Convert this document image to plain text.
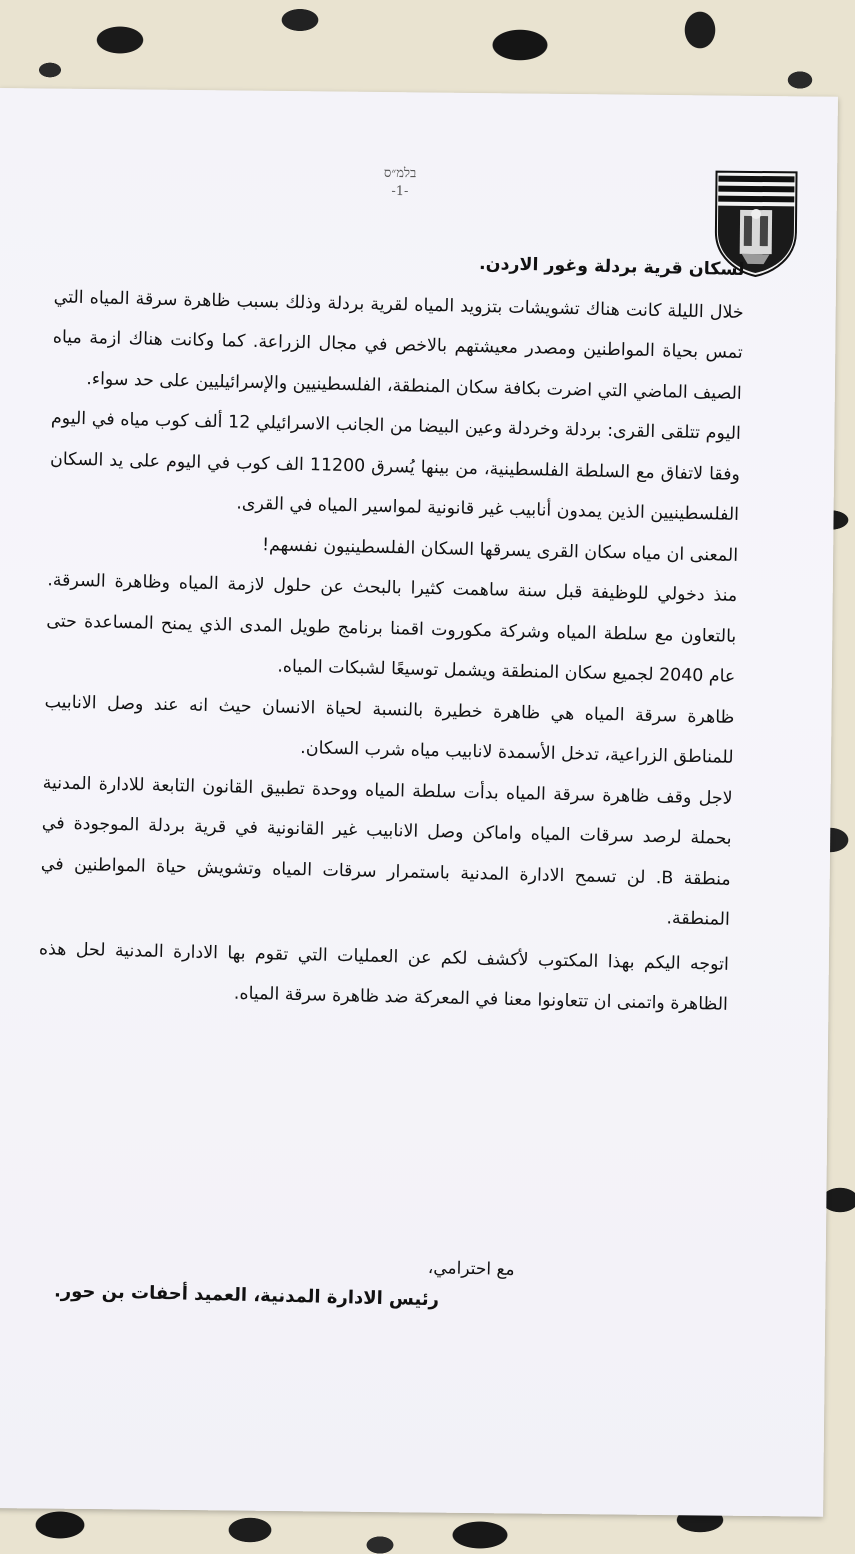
בלמ״ס
-1-

لسكان قرية بردلة وغور الاردن.

خلال الليلة كانت هناك تشويشات بتزويد المياه لقرية بردلة وذلك بسبب ظاهرة سرقة المياه التي تمس بحياة المواطنين ومصدر معيشتهم بالاخص في مجال الزراعة. كما وكانت هناك ازمة مياه الصيف الماضي التي اضرت بكافة سكان المنطقة، الفلسطينيين والإسرائيليين على حد سواء.

اليوم تتلقى القرى: بردلة وخردلة وعين البيضا من الجانب الاسرائيلي 12 ألف كوب مياه في اليوم وفقا لاتفاق مع السلطة الفلسطينية، من بينها يُسرق 11200 الف كوب في اليوم على يد السكان الفلسطينيين الذين يمدون أنابيب غير قانونية لمواسير المياه في القرى.

المعنى ان مياه سكان القرى يسرقها السكان الفلسطينيون نفسهم!

منذ دخولي للوظيفة قبل سنة ساهمت كثيرا بالبحث عن حلول لازمة المياه وظاهرة السرقة. بالتعاون مع سلطة المياه وشركة مكوروت اقمنا برنامج طويل المدى الذي يمنح المساعدة حتى عام 2040 لجميع سكان المنطقة ويشمل توسيعًا لشبكات المياه.

ظاهرة سرقة المياه هي ظاهرة خطيرة بالنسبة لحياة الانسان حيث انه عند وصل الانابيب للمناطق الزراعية، تدخل الأسمدة لانابيب مياه شرب السكان.

لاجل وقف ظاهرة سرقة المياه بدأت سلطة المياه ووحدة تطبيق القانون التابعة للادارة المدنية بحملة لرصد سرقات المياه واماكن وصل الانابيب غير القانونية في قرية بردلة الموجودة في منطقة B. لن تسمح الادارة المدنية باستمرار سرقات المياه وتشويش حياة المواطنين في المنطقة.

اتوجه اليكم بهذا المكتوب لأكشف لكم عن العمليات التي تقوم بها الادارة المدنية لحل هذه الظاهرة واتمنى ان تتعاونوا معنا في المعركة ضد ظاهرة سرقة المياه.

مع احترامي،
رئيس الادارة المدنية، العميد أحفات بن حور.
